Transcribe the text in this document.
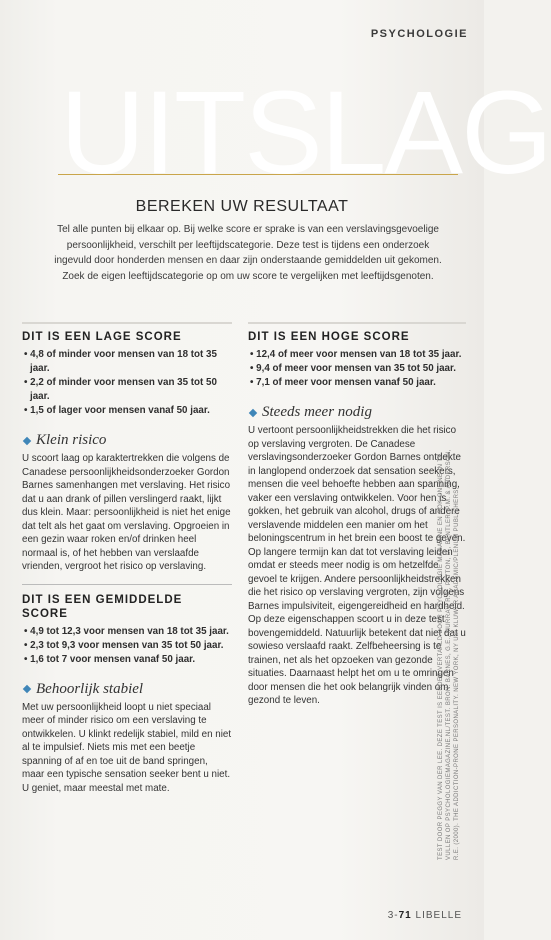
PSYCHOLOGIE
UITSLAG
BEREKEN UW RESULTAAT
Tel alle punten bij elkaar op. Bij welke score er sprake is van een verslavingsgevoelige persoonlijkheid, verschilt per leeftijdscategorie. Deze test is tijdens een onderzoek ingevuld door honderden mensen en daar zijn onderstaande gemiddelden uit gekomen. Zoek de eigen leeftijdscategorie op om uw score te vergelijken met leeftijdsgenoten.
DIT IS EEN LAGE SCORE
• 4,8 of minder voor mensen van 18 tot 35 jaar.
• 2,2 of minder voor mensen van 35 tot 50 jaar.
• 1,5 of lager voor mensen vanaf 50 jaar.
Klein risico

U scoort laag op karaktertrekken die volgens de Canadese persoonlijkheidsonderzoeker Gordon Barnes samenhangen met verslaving. Het risico dat u aan drank of pillen verslingerd raakt, lijkt dus klein. Maar: persoonlijkheid is niet het enige dat telt als het gaat om verslaving. Opgroeien in een gezin waar roken en/of drinken heel normaal is, of het hebben van verslaafde vrienden, vergroot het risico op verslaving.

DIT IS EEN GEMIDDELDE SCORE
• 4,9 tot 12,3 voor mensen van 18 tot 35 jaar.
• 2,3 tot 9,3 voor mensen van 35 tot 50 jaar.
• 1,6 tot 7 voor mensen vanaf 50 jaar.
Behoorlijk stabiel

Met uw persoonlijkheid loopt u niet speciaal meer of minder risico om een verslaving te ontwikkelen. U klinkt redelijk stabiel, mild en niet al te impulsief. Niets mis met een beetje spanning of af en toe uit de band springen, maar een typische sensation seeker bent u niet. U geniet, maar meestal met mate.

DIT IS EEN HOGE SCORE
• 12,4 of meer voor mensen van 18 tot 35 jaar.
• 9,4 of meer voor mensen van 35 tot 50 jaar.
• 7,1 of meer voor mensen vanaf 50 jaar.
Steeds meer nodig

U vertoont persoonlijkheidstrekken die het risico op verslaving vergroten. De Canadese verslavingsonderzoeker Gordon Barnes ontdekte in langlopend onderzoek dat sensation seekers, mensen die veel behoefte hebben aan spanning, vaker een verslaving ontwikkelen. Voor hen is gokken, het gebruik van alcohol, drugs of andere verslavende middelen een manier om het beloningscentrum in het brein een boost te geven. Op langere termijn kan dat tot verslaving leiden omdat er steeds meer nodig is om hetzelfde gevoel te krijgen. Andere persoonlijkheidstrekken die het risico op verslaving vergroten, zijn volgens Barnes impulsiviteit, eigengereidheid en hardheid. Op deze eigenschappen scoort u in deze test bovengemiddeld. Natuurlijk betekent dat niet dat u sowieso verslaafd raakt. Zelfbeheersing is te trainen, net als het opzoeken van gezonde situaties. Daarnaast helpt het om u te omringen door mensen die het ook belangrijk vinden om gezond te leven.	TEST DOOR PEGGY VAN DER LEE. DEZE TEST IS EERDER VERTAALD DOOR PSYCHOLOGIE MAGAZINE EN OOK ONLINE IN TE VULLEN OP PSYCHOLOGIEMAGAZINE.NL/TEST. BRON: BARNES, G.E., MURRAY, R.P., PATTON, D., BENTLER, P.M. & ANDERSON, R.E. (2000). THE ADDICTION-PRONE PERSONALITY. NEW YORK, NY US: KLUWER ACADEMIC/PLENUM PUBLISHERS.
3-71 LIBELLE
